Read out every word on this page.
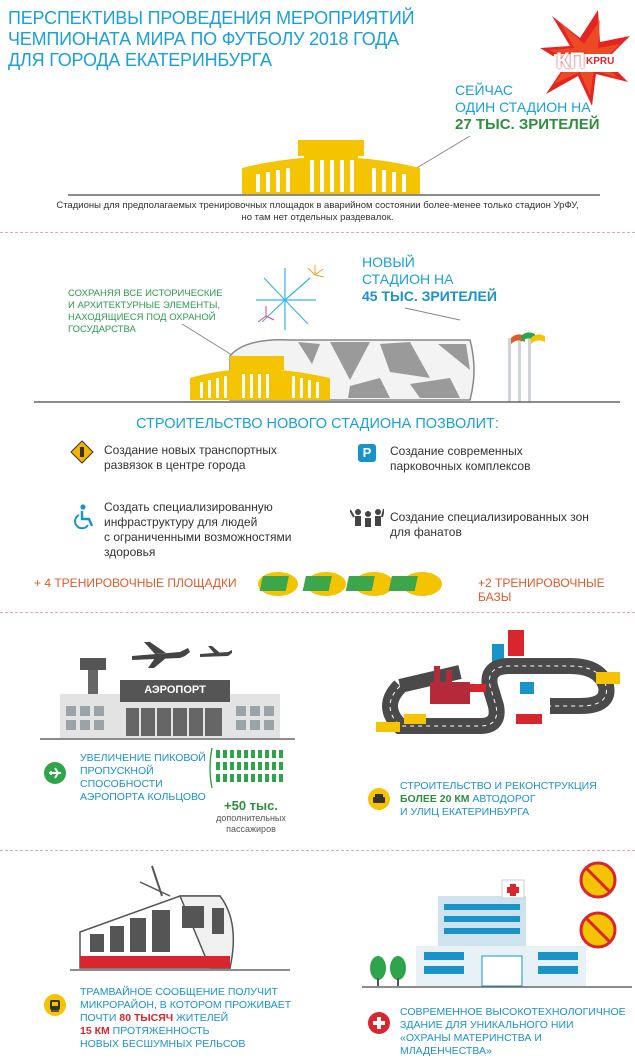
ПЕРСПЕКТИВЫ ПРОВЕДЕНИЯ МЕРОПРИЯТИЙ
ЧЕМПИОНАТА МИРА ПО ФУТБОЛУ 2018 ГОДА
ДЛЯ ГОРОДА ЕКАТЕРИНБУРГА	КП KPRU
СЕЙЧАС
ОДИН СТАДИОН НА
27 ТЫС. ЗРИТЕЛЕЙ
Стадионы для предполагаемых тренировочных площадок в аварийном состоянии более-менее только стадион УрФУ,
но там нет отдельных раздевалок.
СОХРАНЯЯ ВСЕ ИСТОРИЧЕСКИЕ
И АРХИТЕКТУРНЫЕ ЭЛЕМЕНТЫ,
НАХОДЯЩИЕСЯ ПОД ОХРАНОЙ
ГОСУДАРСТВА
НОВЫЙ
СТАДИОН НА
45 ТЫС. ЗРИТЕЛЕЙ
СТРОИТЕЛЬСТВО НОВОГО СТАДИОНА ПОЗВОЛИТ:
Создание новых транспортных
развязок в центре города
P	Создание современных
парковочных комплексов
Создать специализированную
инфраструктуру для людей
с ограниченными возможностями
здоровья
Создание специализированных зон
для фанатов
+ 4 ТРЕНИРОВОЧНЫЕ ПЛОЩАДКИ	+2 ТРЕНИРОВОЧНЫЕ БАЗЫ
АЭРОПОРТ
УВЕЛИЧЕНИЕ ПИКОВОЙ
ПРОПУСКНОЙ
СПОСОБНОСТИ
АЭРОПОРТА КОЛЬЦОВО
+50 тыс.
дополнительных
пассажиров
СТРОИТЕЛЬСТВО И РЕКОНСТРУКЦИЯ
БОЛЕЕ 20 КМ АВТОДОРОГ
И УЛИЦ ЕКАТЕРИНБУРГА
ТРАМВАЙНОЕ СООБЩЕНИЕ ПОЛУЧИТ
МИКРОРАЙОН, В КОТОРОМ ПРОЖИВАЕТ
ПОЧТИ 80 ТЫСЯЧ ЖИТЕЛЕЙ
15 КМ ПРОТЯЖЕННОСТЬ
НОВЫХ БЕСШУМНЫХ РЕЛЬСОВ
СОВРЕМЕННОЕ ВЫСОКОТЕХНОЛОГИЧНОЕ
ЗДАНИЕ ДЛЯ УНИКАЛЬНОГО НИИ
«ОХРАНЫ МАТЕРИНСТВА И МЛАДЕНЧЕСТВА»
